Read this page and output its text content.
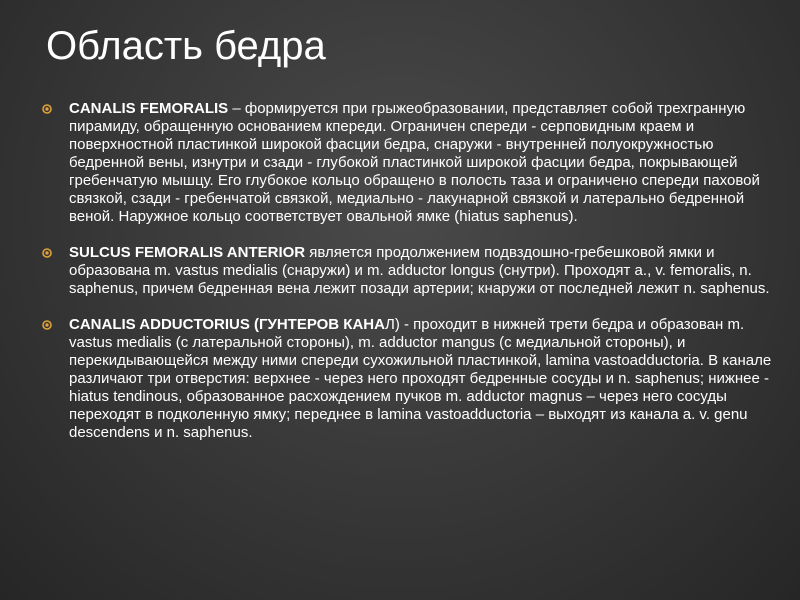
Область бедра
CANALIS FEMORALIS – формируется при грыжеобразовании, представляет собой трехгранную пирамиду, обращенную основанием кпереди. Ограничен спереди - серповидным краем и поверхностной пластинкой широкой фасции бедра, снаружи - внутренней полуокружностью бедренной вены, изнутри и сзади - глубокой пластинкой широкой фасции бедра, покрывающей гребенчатую мышцу. Его глубокое кольцо обращено в полость таза и ограничено спереди паховой связкой, сзади - гребенчатой связкой, медиально - лакунарной связкой и латерально бедренной веной. Наружное кольцо соответствует овальной ямке (hiatus saphenus).
SULCUS FEMORALIS ANTERIOR является продолжением подвздошно-гребешковой ямки и образована m. vastus medialis (снаружи) и m. adductor longus (снутри). Проходят а., v. femoralis, n. saphenus, причем бедренная вена лежит позади артерии; кнаружи от последней лежит n. saphenus.
CANALIS ADDUCTORIUS (ГУНТЕРОВ КАНАЛ) - проходит в нижней трети бедра и образован m. vastus medialis (с латеральной стороны), m. adductor mangus (с медиальной стороны), и перекидывающейся между ними спереди сухожильной пластинкой, lamina vastoadductoria. В канале различают три отверстия: верхнее - через него проходят бедренные сосуды и n. saphenus; нижнее - hiatus tendinous, образованное расхождением пучков m. adductor magnus – через него сосуды переходят в подколенную ямку; переднее в lamina vastoadductoria – выходят из канала a. v. genu descendens и n. saphenus.
